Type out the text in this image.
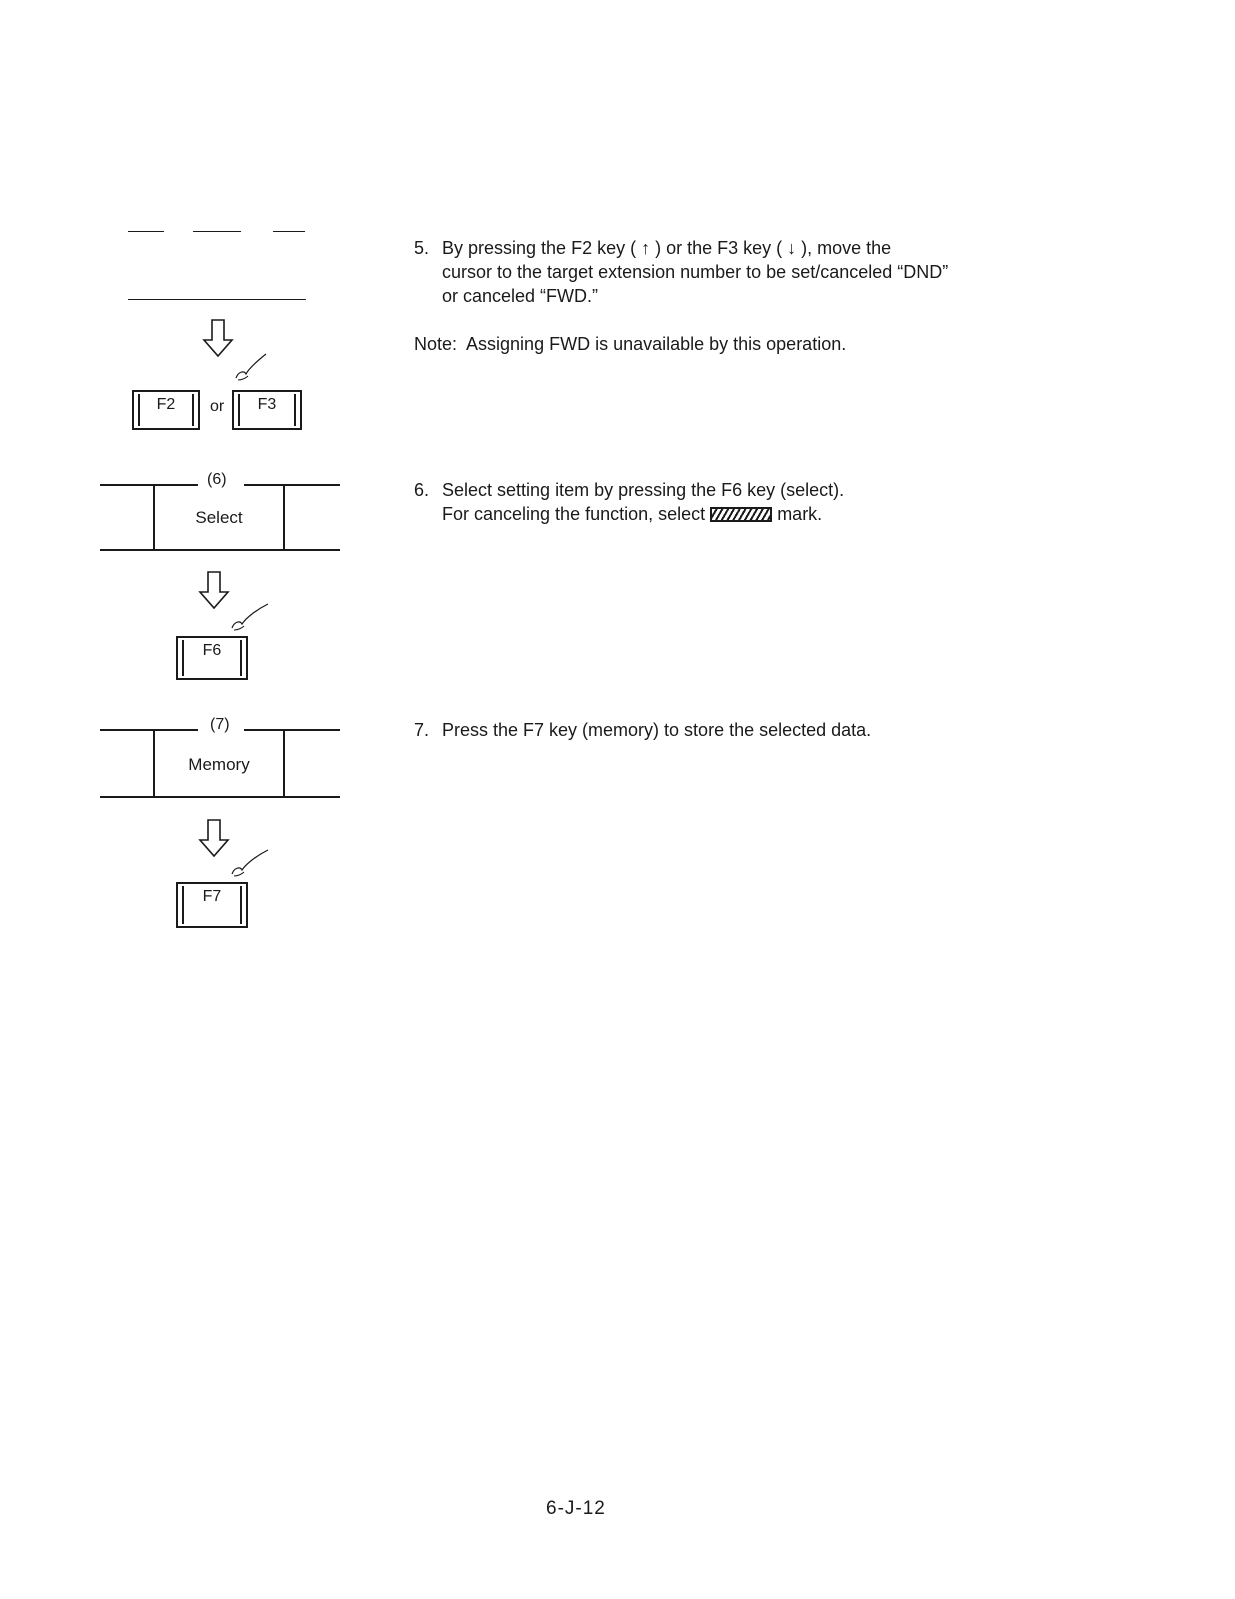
F2	or	F3
(6)
Select
F6
(7)
Memory
F7
5. By pressing the F2 key ( ↑ ) or the F3 key ( ↓ ), move the
cursor to the target extension number to be set/canceled “DND”
or canceled “FWD.”
Note:  Assigning FWD is unavailable by this operation.
6. Select setting item by pressing the F6 key (select).
For canceling the function, select	mark.
7. Press the F7 key (memory) to store the selected data.
6-J-12
